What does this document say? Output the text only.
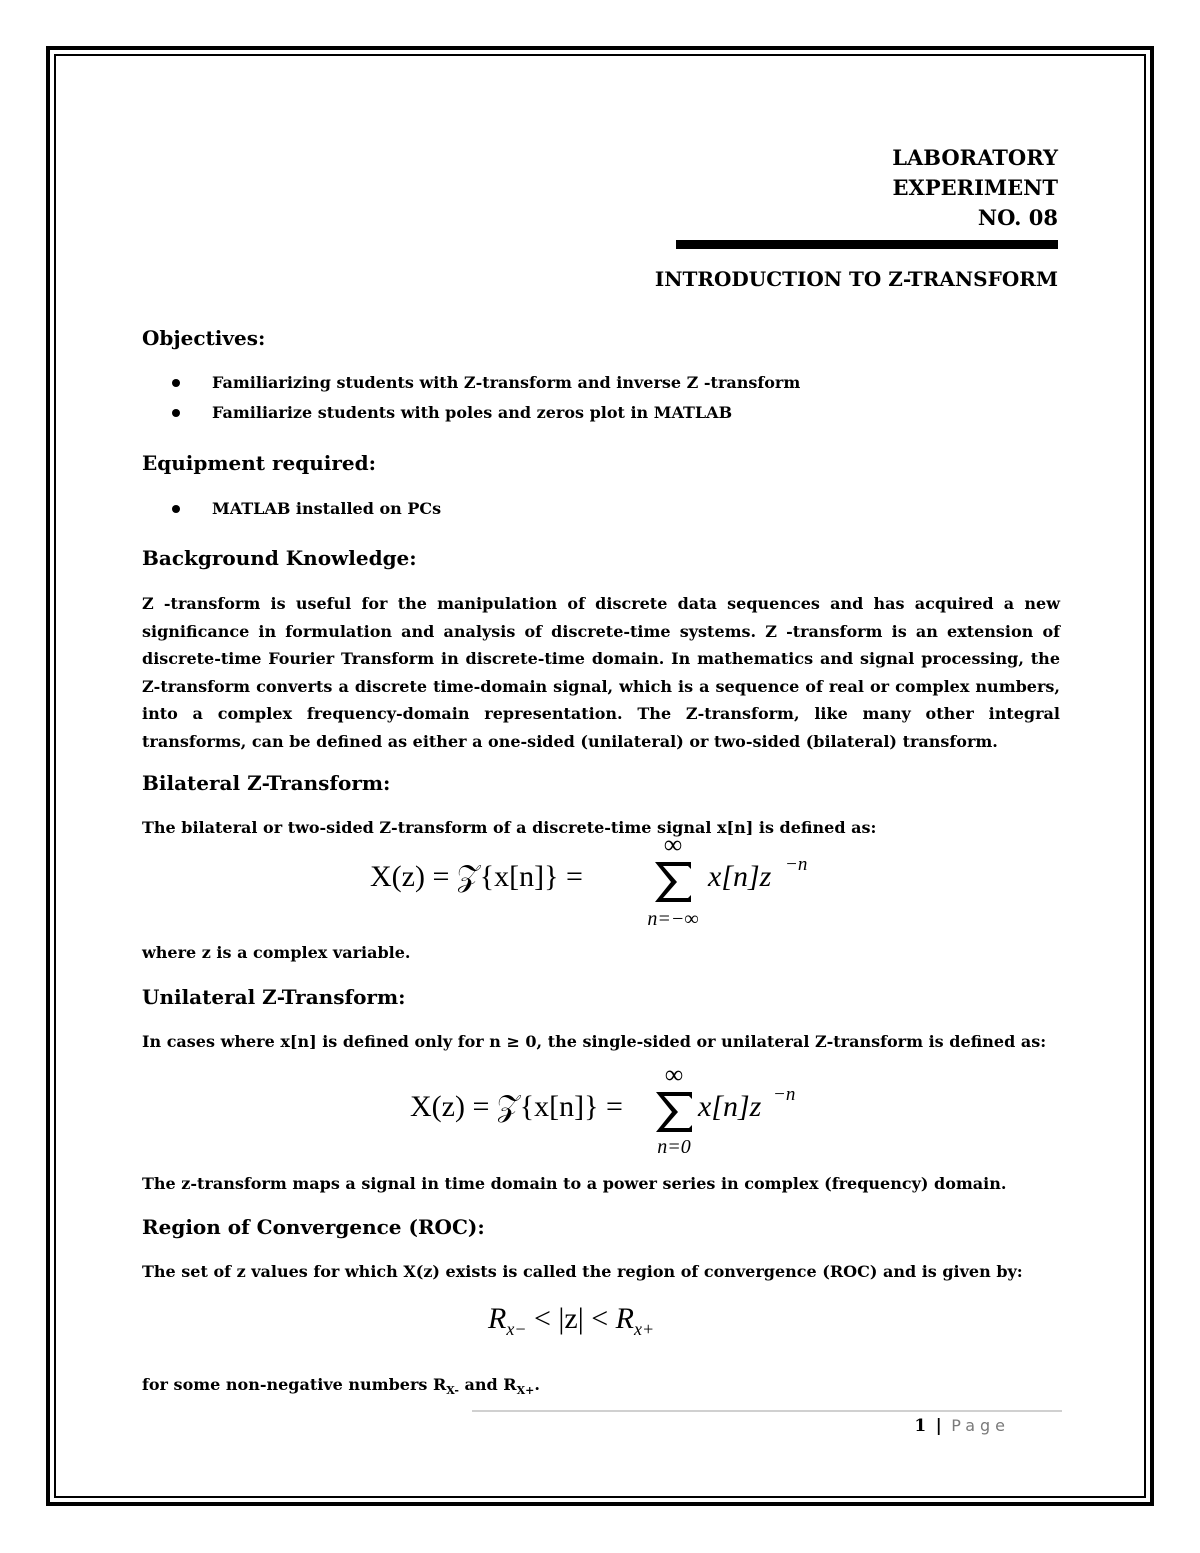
LABORATORY
EXPERIMENT
NO. 08
INTRODUCTION TO Z-TRANSFORM
Objectives:
Familiarizing students with Z-transform and inverse Z -transform
Familiarize students with poles and zeros plot in MATLAB
Equipment required:
MATLAB installed on PCs
Background Knowledge:
Z -transform is useful for the manipulation of discrete data sequences and has acquired a new significance in formulation and analysis of discrete-time systems. Z -transform is an extension of discrete-time Fourier Transform in discrete-time domain. In mathematics and signal processing, the Z-transform converts a discrete time-domain signal, which is a sequence of real or complex numbers, into a complex frequency-domain representation. The Z-transform, like many other integral transforms, can be defined as either a one-sided (unilateral) or two-sided (bilateral) transform.
Bilateral Z-Transform:
The bilateral or two-sided Z-transform of a discrete-time signal x[n] is defined as:
X(z) = 𝒵{x[n]} =
∞
n=−∞
x[n]z −n
where z is a complex variable.
Unilateral Z-Transform:
In cases where x[n] is defined only for n ≥ 0, the single-sided or unilateral Z-transform is defined as:
X(z) = 𝒵{x[n]} =
∞
n=0
x[n]z −n
The z-transform maps a signal in time domain to a power series in complex (frequency) domain.
Region of Convergence (ROC):
The set of z values for which X(z) exists is called the region of convergence (ROC) and is given by:
$R_{x-} < |z| < R_{x+}$
for some non-negative numbers $R_{X-}$ and $R_{X+}$.
1 | Page
